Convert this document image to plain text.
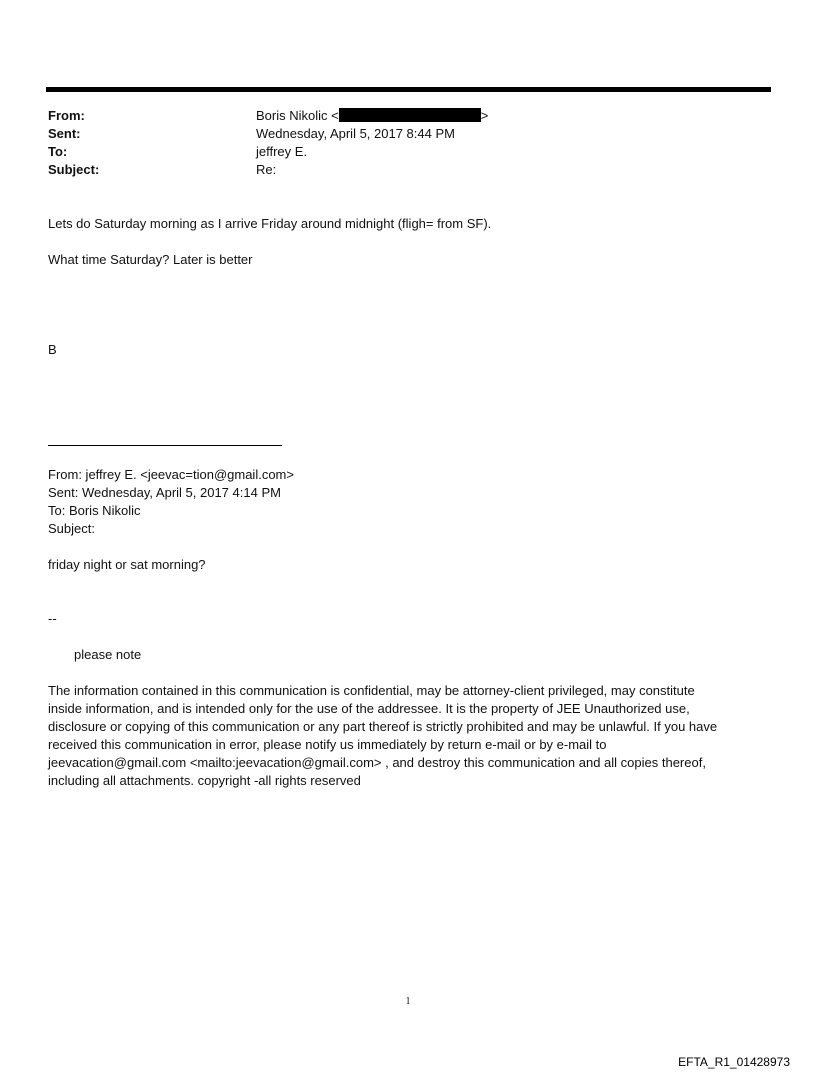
From:	Boris Nikolic <	>
Sent:	Wednesday, April 5, 2017 8:44 PM
To:	jeffrey E.
Subject:	Re:
Lets do Saturday morning as I arrive Friday around midnight (fligh= from SF).
What time Saturday? Later is better
B
From: jeffrey E. <jeevac=tion@gmail.com>
Sent: Wednesday, April 5, 2017 4:14 PM
To: Boris Nikolic
Subject:
friday night or sat morning?
--
please note
The information contained in this communication is confidential, may be attorney-client privileged, may constitute
inside information, and is intended only for the use of the addressee. It is the property of JEE Unauthorized use,
disclosure or copying of this communication or any part thereof is strictly prohibited and may be unlawful. If you have
received this communication in error, please notify us immediately by return e-mail or by e-mail to
jeevacation@gmail.com <mailto:jeevacation@gmail.com> , and destroy this communication and all copies thereof,
including all attachments. copyright -all rights reserved
1
EFTA_R1_01428973
